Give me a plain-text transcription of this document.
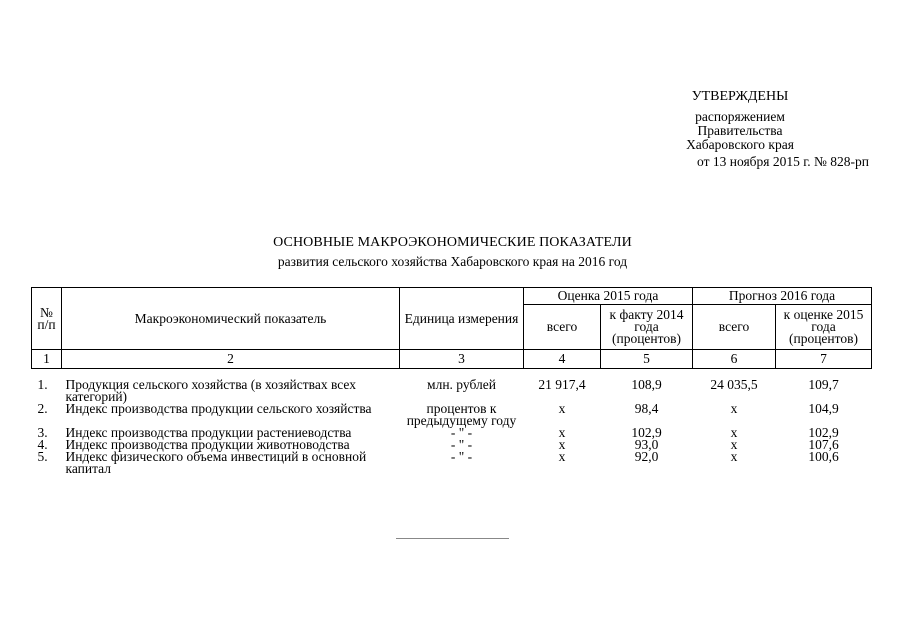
УТВЕРЖДЕНЫ
распоряжением
Правительства
Хабаровского края
от 13 ноября 2015 г. № 828-рп
ОСНОВНЫЕ МАКРОЭКОНОМИЧЕСКИЕ ПОКАЗАТЕЛИ
развития сельского хозяйства Хабаровского края на 2016 год
№ п/п	Макроэкономический показатель	Единица измерения	Оценка 2015 года		Прогноз 2016 года	
			всего	к факту 2014 года (процентов)	всего	к оценке 2015 года (процентов)
1	2	3	4	5	6	7

1.	Продукция сельского хозяйства (в хозяйствах всех категорий)	млн. рублей	21 917,4	108,9	24 035,5	109,7
2.	Индекс производства продукции сельского хозяйства	процентов к предыдущему году	x	98,4	x	104,9
3.	Индекс производства продукции растениеводства	- " -	x	102,9	x	102,9
4.	Индекс производства продукции животноводства	- " -	x	93,0	x	107,6
5.	Индекс физического объема инвестиций в основной капитал	- " -	x	92,0	x	100,6
